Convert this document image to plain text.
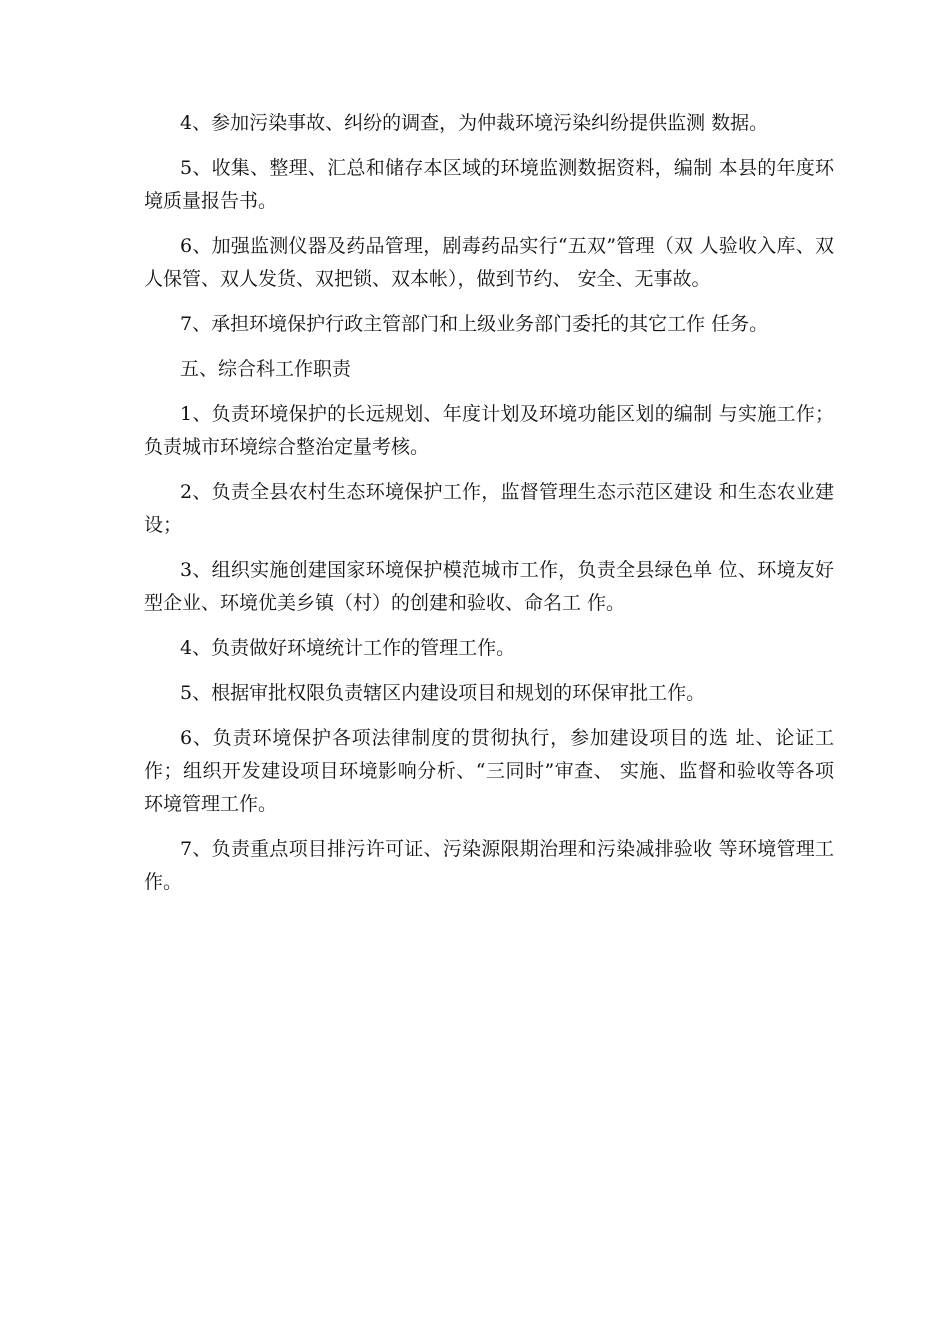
4、参加污染事故、纠纷的调查，为仲裁环境污染纠纷提供监测 数据。

5、收集、整理、汇总和储存本区域的环境监测数据资料，编制 本县的年度环境质量报告书。

6、加强监测仪器及药品管理，剧毒药品实行“五双”管理（双 人验收入库、双人保管、双人发货、双把锁、双本帐），做到节约、 安全、无事故。

7、承担环境保护行政主管部门和上级业务部门委托的其它工作 任务。

五、综合科工作职责

1、负责环境保护的长远规划、年度计划及环境功能区划的编制 与实施工作；负责城市环境综合整治定量考核。

2、负责全县农村生态环境保护工作，监督管理生态示范区建设 和生态农业建设；

3、组织实施创建国家环境保护模范城市工作，负责全县绿色单 位、环境友好型企业、环境优美乡镇（村）的创建和验收、命名工 作。

4、负责做好环境统计工作的管理工作。

5、根据审批权限负责辖区内建设项目和规划的环保审批工作。

6、负责环境保护各项法律制度的贯彻执行，参加建设项目的选 址、论证工作；组织开发建设项目环境影响分析、“三同时”审查、 实施、监督和验收等各项环境管理工作。

7、负责重点项目排污许可证、污染源限期治理和污染减排验收 等环境管理工作。
